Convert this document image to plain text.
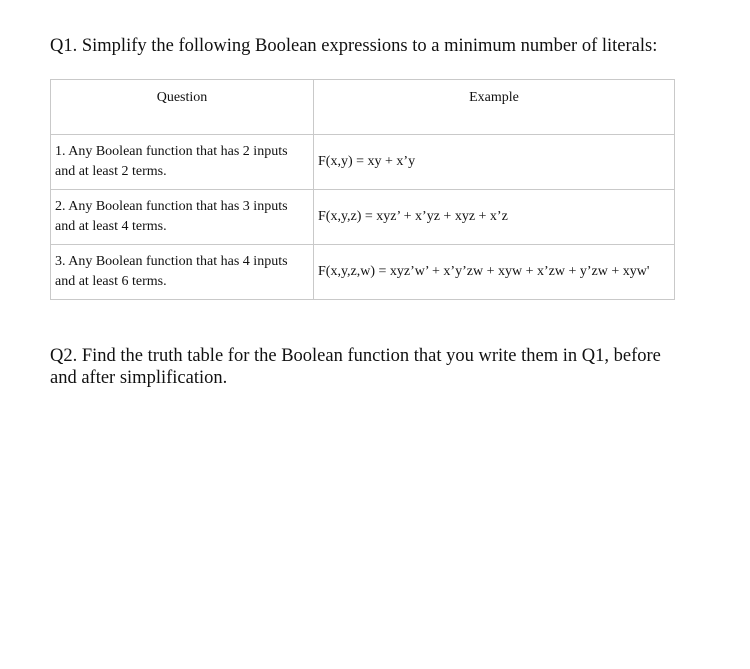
Q1. Simplify the following Boolean expressions to a minimum number of literals:
Question	Example
1. Any Boolean function that has 2 inputs and at least 2 terms.	F(x,y) = xy + x’y
2. Any Boolean function that has 3 inputs and at least 4 terms.	F(x,y,z) = xyz’ + x’yz + xyz + x’z
3. Any Boolean function that has 4 inputs and at least 6 terms.	F(x,y,z,w) = xyz’w’ + x’y’zw + xyw + x’zw + y’zw + xyw'

Q2. Find the truth table for the Boolean function that you write them in Q1, before and after simplification.
